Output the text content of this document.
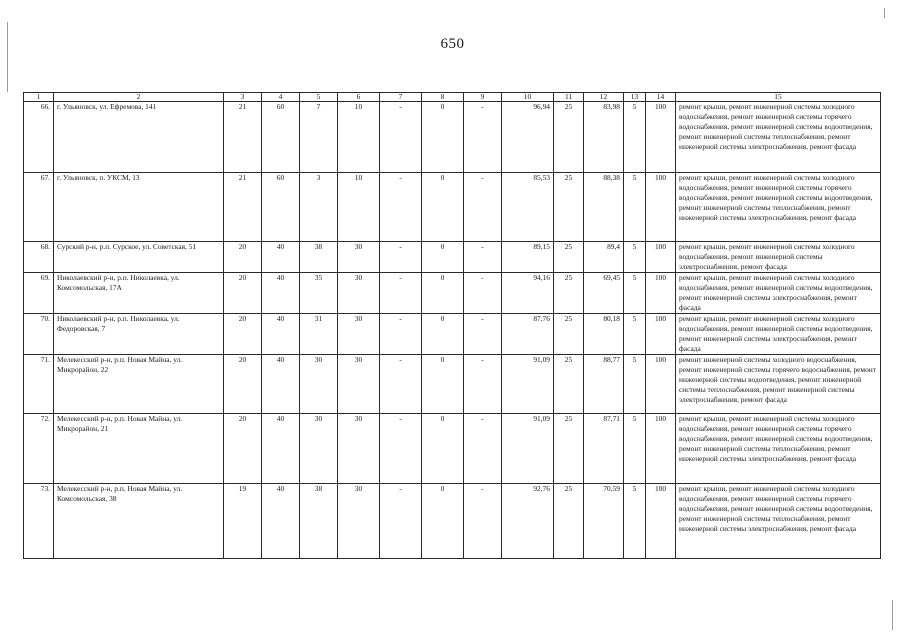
650
1	2	3	4	5	6	7	8	9	10	11	12	13	14	15
66.	г. Ульяновск, ул. Ефремова, 141	21	60	7	10	-	0	-	96,94	25	83,98	5	100	ремонт крыши, ремонт инженерной системы холодного водоснабжения, ремонт инженерной системы горячего водоснабжения, ремонт инженерной системы водоотведения, ремонт инженерной системы теплоснабжения, ремонт инженерной системы электроснабжения, ремонт фасада
67.	г. Ульяновск, п. УКСМ, 13	21	60	3	10	-	0	-	85,53	25	88,38	5	100	ремонт крыши, ремонт инженерной системы холодного водоснабжения, ремонт инженерной системы горячего водоснабжения, ремонт инженерной системы водоотведения, ремонт инженерной системы теплоснабжения, ремонт инженерной системы электроснабжения, ремонт фасада
68.	Сурский р-н, р.п. Сурское, ул. Советская, 51	20	40	38	30	-	0	-	89,15	25	89,4	5	100	ремонт крыши, ремонт инженерной системы холодного водоснабжения, ремонт инженерной системы электроснабжения, ремонт фасада
69.	Николаевский р-н, р.п. Николаевка, ул. Комсомольская, 17А	20	40	35	30	-	0	-	94,16	25	69,45	5	100	ремонт крыши, ремонт инженерной системы холодного водоснабжения, ремонт инженерной системы водоотведения, ремонт инженерной системы электроснабжения, ремонт фасада
70.	Николаевский р-н, р.п. Николаевка, ул. Федоровская, 7	20	40	31	30	-	0	-	87,76	25	80,18	5	100	ремонт крыши, ремонт инженерной системы холодного водоснабжения, ремонт инженерной системы водоотведения, ремонт инженерной системы электроснабжения, ремонт фасада
71.	Мелекесский р-н, р.п. Новая Майна, ул. Микрорайон, 22	20	40	30	30	-	0	-	91,09	25	88,77	5	100	ремонт инженерной системы холодного водоснабжения, ремонт инженерной системы горячего водоснабжения, ремонт инженерной системы водоотведения, ремонт инженерной системы теплоснабжения, ремонт инженерной системы электроснабжения, ремонт фасада
72.	Мелекесский р-н, р.п. Новая Майна, ул. Микрорайон, 21	20	40	30	30	-	0	-	91,09	25	87,71	5	100	ремонт крыши, ремонт инженерной системы холодного водоснабжения, ремонт инженерной системы горячего водоснабжения, ремонт инженерной системы водоотведения, ремонт инженерной системы теплоснабжения, ремонт инженерной системы электроснабжения, ремонт фасада
73.	Мелекесский р-н, р.п. Новая Майна, ул. Комсомольская, 38	19	40	38	30	-	0	-	92,76	25	70,59	5	100	ремонт крыши, ремонт инженерной системы холодного водоснабжения, ремонт инженерной системы горячего водоснабжения, ремонт инженерной системы водоотведения, ремонт инженерной системы теплоснабжения, ремонт инженерной системы электроснабжения, ремонт фасада
